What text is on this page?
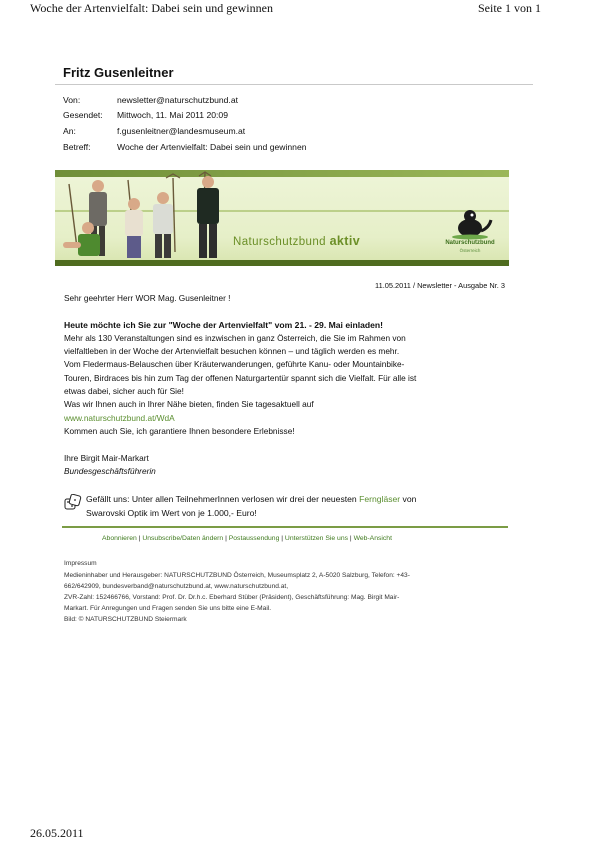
Woche der Artenvielfalt: Dabei sein und gewinnen	Seite 1 von 1
Fritz Gusenleitner
Von:	newsletter@naturschutzbund.at
Gesendet: Mittwoch, 11. Mai 2011 20:09
An:	f.gusenleitner@landesmuseum.at
Betreff:	Woche der Artenvielfalt: Dabei sein und gewinnen
Naturschutzbund aktiv	Naturschutzbund
Österreich
11.05.2011 / Newsletter - Ausgabe Nr. 3
Sehr geehrter Herr WOR Mag. Gusenleitner !
Heute möchte ich Sie zur "Woche der Artenvielfalt" vom 21. - 29. Mai einladen!
Mehr als 130 Veranstaltungen sind es inzwischen in ganz Österreich, die Sie im Rahmen von
vielfaltleben in der Woche der Artenvielfalt besuchen können – und täglich werden es mehr.
Vom Fledermaus-Belauschen über Kräuterwanderungen, geführte Kanu- oder Mountainbike-
Touren, Birdraces bis hin zum Tag der offenen Naturgartentür spannt sich die Vielfalt. Für alle ist
etwas dabei, sicher auch für Sie!
Was wir Ihnen auch in Ihrer Nähe bieten, finden Sie tagesaktuell auf
www.naturschutzbund.at/WdA
Kommen auch Sie, ich garantiere Ihnen besondere Erlebnisse!
Ihre Birgit Mair-Markart
Bundesgeschäftsführerin
Gefällt uns: Unter allen TeilnehmerInnen verlosen wir drei der neuesten Ferngläser von
Swarovski Optik im Wert von je 1.000,- Euro!
Abonnieren | Unsubscribe/Daten ändern | Postaussendung | Unterstützen Sie uns | Web-Ansicht
Impressum
Medieninhaber und Herausgeber: NATURSCHUTZBUND Österreich, Museumsplatz 2, A-5020 Salzburg, Telefon: +43-
662/642909, bundesverband@naturschutzbund.at, www.naturschutzbund.at,
ZVR-Zahl: 152466766, Vorstand: Prof. Dr. Dr.h.c. Eberhard Stüber (Präsident), Geschäftsführung: Mag. Birgit Mair-
Markart. Für Anregungen und Fragen senden Sie uns bitte eine E-Mail.
Bild: © NATURSCHUTZBUND Steiermark
26.05.2011
